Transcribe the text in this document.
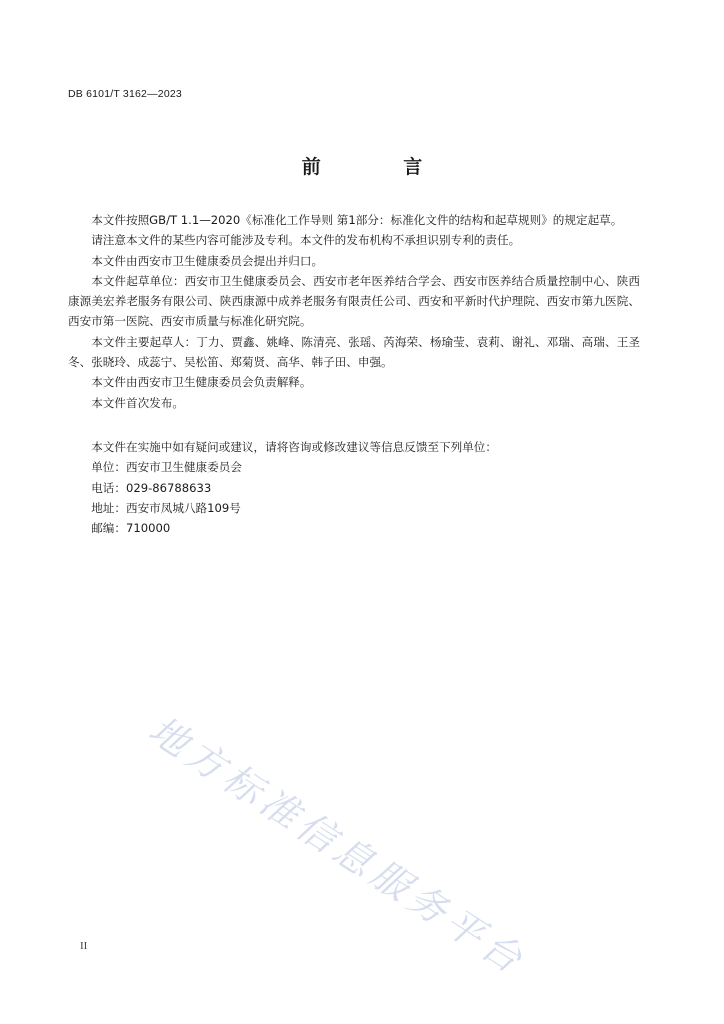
DB 6101/T 3162—2023
前 言

本文件按照GB/T 1.1—2020《标准化工作导则 第1部分：标准化文件的结构和起草规则》的规定起草。

请注意本文件的某些内容可能涉及专利。本文件的发布机构不承担识别专利的责任。

本文件由西安市卫生健康委员会提出并归口。

本文件起草单位：西安市卫生健康委员会、西安市老年医养结合学会、西安市医养结合质量控制中心、陕西康源美宏养老服务有限公司、陕西康源中成养老服务有限责任公司、西安和平新时代护理院、西安市第九医院、西安市第一医院、西安市质量与标准化研究院。

本文件主要起草人：丁力、贾鑫、姚峰、陈清亮、张瑶、芮海荣、杨瑜莹、袁莉、谢礼、邓瑞、高瑞、王圣冬、张晓玲、成蕊宁、吴松笛、郑菊贤、高华、韩子田、申强。

本文件由西安市卫生健康委员会负责解释。

本文件首次发布。

本文件在实施中如有疑问或建议，请将咨询或修改建议等信息反馈至下列单位：

单位：西安市卫生健康委员会

电话：029-86788633

地址：西安市凤城八路109号

邮编：710000

地方标准信息服务平台
II
